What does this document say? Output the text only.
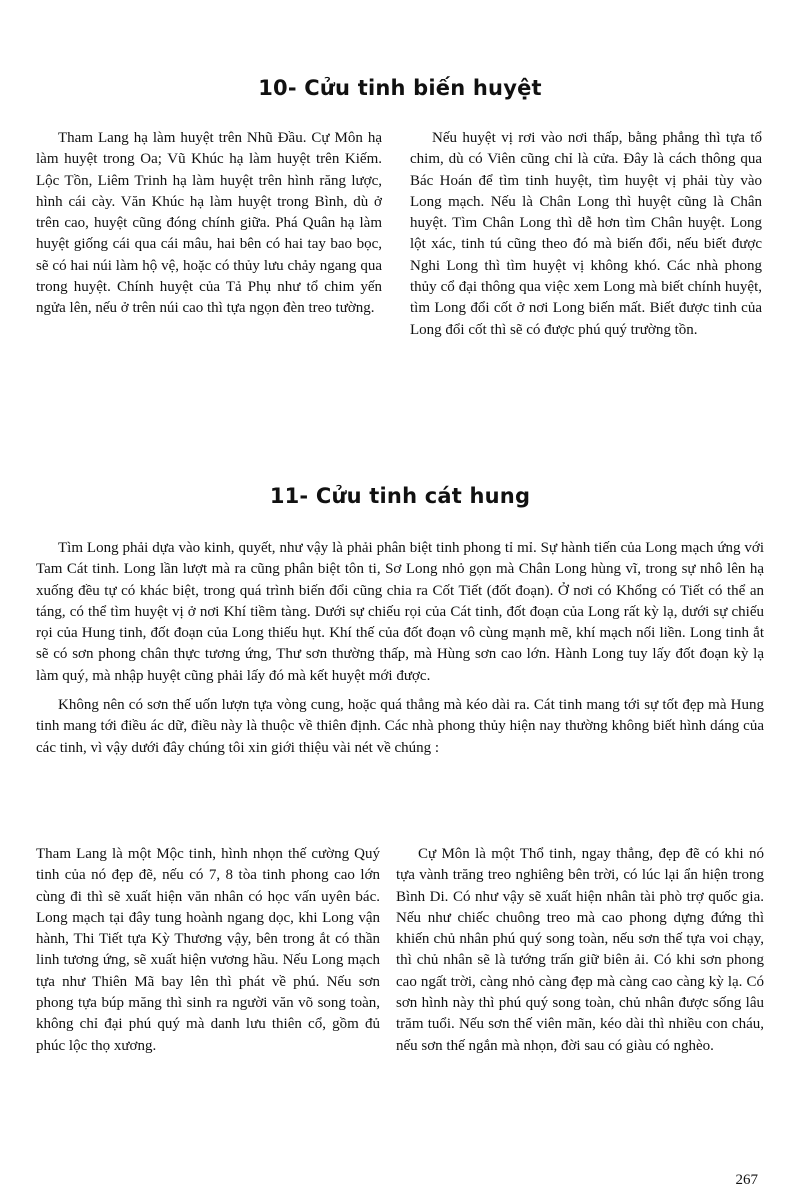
10- Cửu tinh biến huyệt

Tham Lang hạ làm huyệt trên Nhũ Đầu. Cự Môn hạ làm huyệt trong Oa; Vũ Khúc hạ làm huyệt trên Kiếm. Lộc Tồn, Liêm Trinh hạ làm huyệt trên hình răng lược, hình cái cày. Văn Khúc hạ làm huyệt trong Bình, dù ở trên cao, huyệt cũng đóng chính giữa. Phá Quân hạ làm huyệt giống cái qua cái mâu, hai bên có hai tay bao bọc, sẽ có hai núi làm hộ vệ, hoặc có thủy lưu chảy ngang qua trong huyệt. Chính huyệt của Tả Phụ như tổ chim yến ngửa lên, nếu ở trên núi cao thì tựa ngọn đèn treo tường.

Nếu huyệt vị rơi vào nơi thấp, bằng phẳng thì tựa tổ chim, dù có Viên cũng chỉ là cửa. Đây là cách thông qua Bác Hoán để tìm tinh huyệt, tìm huyệt vị phải tùy vào Long mạch. Nếu là Chân Long thì huyệt cũng là Chân huyệt. Tìm Chân Long thì dễ hơn tìm Chân huyệt. Long lột xác, tinh tú cũng theo đó mà biến đổi, nếu biết được Nghi Long thì tìm huyệt vị không khó. Các nhà phong thủy cổ đại thông qua việc xem Long mà biết chính huyệt, tìm Long đổi cốt ở nơi Long biến mất. Biết được tinh của Long đổi cốt thì sẽ có được phú quý trường tồn.

11- Cửu tinh cát hung

Tìm Long phải dựa vào kinh, quyết, như vậy là phải phân biệt tinh phong tỉ mỉ. Sự hành tiến của Long mạch ứng với Tam Cát tinh. Long lần lượt mà ra cũng phân biệt tôn ti, Sơ Long nhỏ gọn mà Chân Long hùng vĩ, trong sự nhô lên hạ xuống đều tự có khác biệt, trong quá trình biến đổi cũng chia ra Cốt Tiết (đốt đoạn). Ở nơi có Khổng có Tiết có thể an táng, có thể tìm huyệt vị ở nơi Khí tiềm tàng. Dưới sự chiếu rọi của Cát tinh, đốt đoạn của Long rất kỳ lạ, dưới sự chiếu rọi của Hung tinh, đốt đoạn của Long thiếu hụt. Khí thế của đốt đoạn vô cùng mạnh mẽ, khí mạch nối liền. Long tinh ắt sẽ có sơn phong chân thực tương ứng, Thư sơn thường thấp, mà Hùng sơn cao lớn. Hành Long tuy lấy đốt đoạn kỳ lạ làm quý, mà nhập huyệt cũng phải lấy đó mà kết huyệt mới được.

Không nên có sơn thế uốn lượn tựa vòng cung, hoặc quá thẳng mà kéo dài ra. Cát tinh mang tới sự tốt đẹp mà Hung tinh mang tới điều ác dữ, điều này là thuộc về thiên định. Các nhà phong thủy hiện nay thường không biết hình dáng của các tinh, vì vậy dưới đây chúng tôi xin giới thiệu vài nét về chúng :

Tham Lang là một Mộc tinh, hình nhọn thế cường Quý tinh của nó đẹp đẽ, nếu có 7, 8 tòa tinh phong cao lớn cùng đi thì sẽ xuất hiện văn nhân có học vấn uyên bác. Long mạch tại đây tung hoành ngang dọc, khi Long vận hành, Thi Tiết tựa Kỳ Thương vậy, bên trong ắt có thần linh tương ứng, sẽ xuất hiện vương hầu. Nếu Long mạch tựa như Thiên Mã bay lên thì phát về phú. Nếu sơn phong tựa búp măng thì sinh ra người văn võ song toàn, không chỉ đại phú quý mà danh lưu thiên cổ, gồm đủ phúc lộc thọ xương.

Cự Môn là một Thổ tinh, ngay thẳng, đẹp đẽ có khi nó tựa vành trăng treo nghiêng bên trời, có lúc lại ẩn hiện trong Bình Di. Có như vậy sẽ xuất hiện nhân tài phò trợ quốc gia. Nếu như chiếc chuông treo mà cao phong dựng đứng thì khiến chủ nhân phú quý song toàn, nếu sơn thế tựa voi chạy, thì chủ nhân sẽ là tướng trấn giữ biên ải. Có khi sơn phong cao ngất trời, càng nhỏ càng đẹp mà càng cao càng kỳ lạ. Có sơn hình này thì phú quý song toàn, chủ nhân được sống lâu trăm tuổi. Nếu sơn thế viên mãn, kéo dài thì nhiều con cháu, nếu sơn thế ngắn mà nhọn, đời sau có giàu có nghèo.

267
